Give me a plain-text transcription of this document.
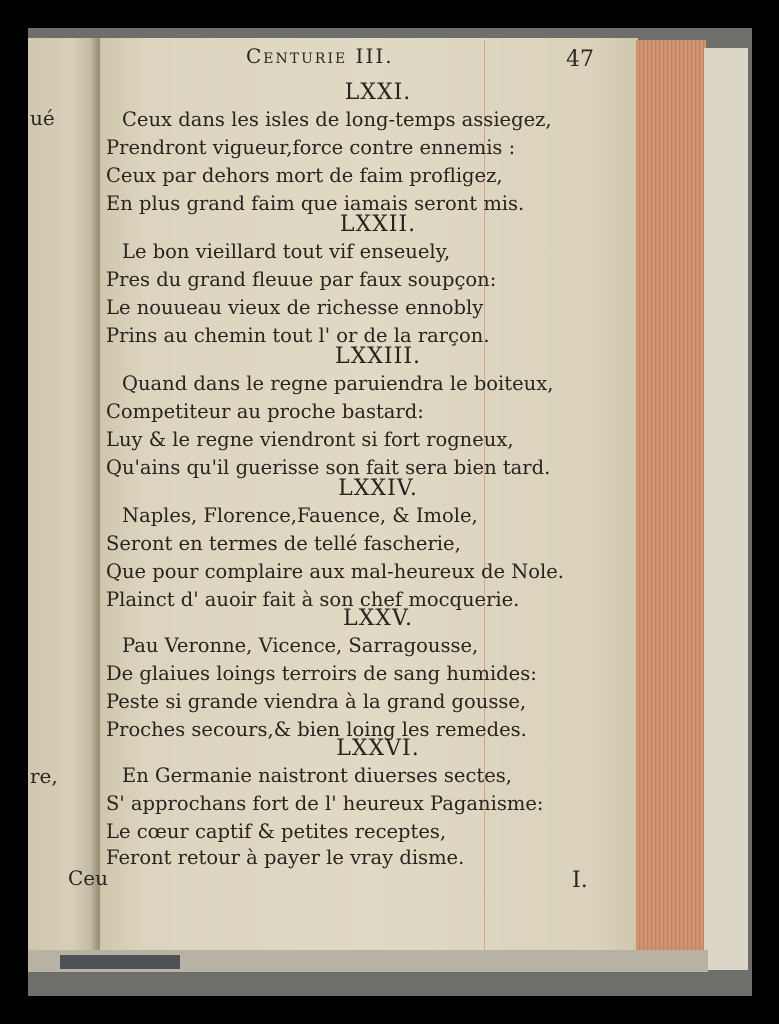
ué
re,
Ceu
Centurie III.	47
LXXI.
Ceux dans les isles de long-temps assiegez,
Prendront vigueur,force contre ennemis :
Ceux par dehors mort de faim profligez,
En plus grand faim que iamais seront mis.
LXXII.
Le bon vieillard tout vif enseuely,
Pres du grand fleuue par faux soupçon:
Le nouueau vieux de richesse ennobly
Prins au chemin tout l' or de la rarçon.
LXXIII.
Quand dans le regne paruiendra le boiteux,
Competiteur au proche bastard:
Luy & le regne viendront si fort rogneux,
Qu'ains qu'il guerisse son fait sera bien tard.
LXXIV.
Naples, Florence,Fauence, & Imole,
Seront en termes de tellé fascherie,
Que pour complaire aux mal-heureux de Nole.
Plainct d' auoir fait à son chef mocquerie.
LXXV.
Pau Veronne, Vicence, Sarragousse,
De glaiues loings terroirs de sang humides:
Peste si grande viendra à la grand gousse,
Proches secours,& bien loing les remedes.
LXXVI.
En Germanie naistront diuerses sectes,
S' approchans fort de l' heureux Paganisme:
Le cœur captif & petites receptes,
Feront retour à payer le vray disme.
I.
